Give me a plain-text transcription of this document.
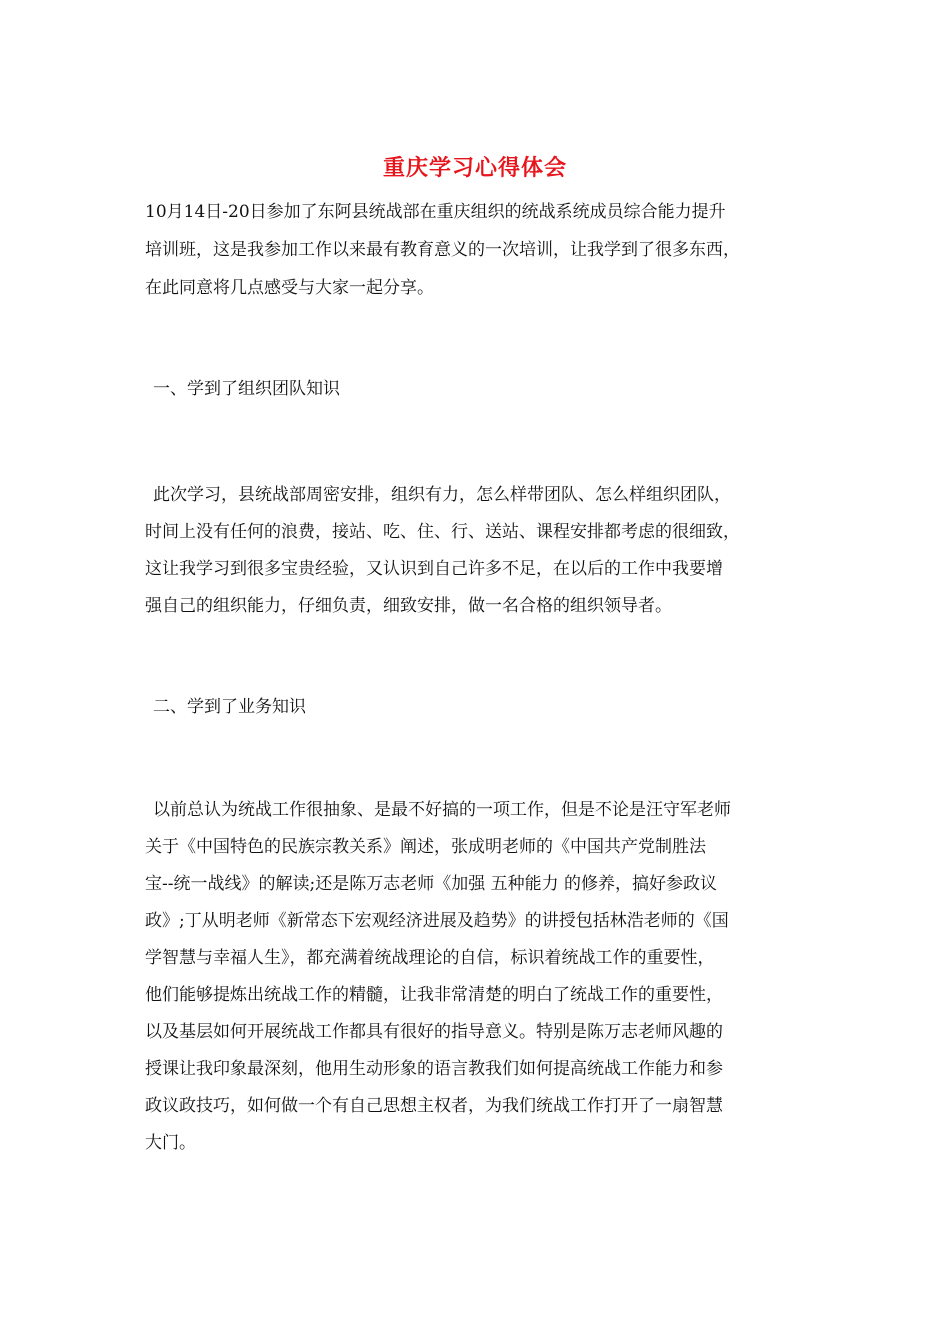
重庆学习心得体会
10月14日-20日参加了东阿县统战部在重庆组织的统战系统成员综合能力提升
培训班，这是我参加工作以来最有教育意义的一次培训，让我学到了很多东西，
在此同意将几点感受与大家一起分享。
一、学到了组织团队知识
此次学习，县统战部周密安排，组织有力，怎么样带团队、怎么样组织团队，
时间上没有任何的浪费，接站、吃、住、行、送站、课程安排都考虑的很细致，
这让我学习到很多宝贵经验，又认识到自己许多不足，在以后的工作中我要增
强自己的组织能力，仔细负责，细致安排，做一名合格的组织领导者。
二、学到了业务知识
以前总认为统战工作很抽象、是最不好搞的一项工作，但是不论是汪守军老师
关于《中国特色的民族宗教关系》阐述，张成明老师的《中国共产党制胜法
宝--统一战线》的解读;还是陈万志老师《加强 五种能力 的修养，搞好参政议
政》;丁从明老师《新常态下宏观经济进展及趋势》的讲授包括林浩老师的《国
学智慧与幸福人生》，都充满着统战理论的自信，标识着统战工作的重要性，
他们能够提炼出统战工作的精髓，让我非常清楚的明白了统战工作的重要性，
以及基层如何开展统战工作都具有很好的指导意义。特别是陈万志老师风趣的
授课让我印象最深刻，他用生动形象的语言教我们如何提高统战工作能力和参
政议政技巧，如何做一个有自己思想主权者，为我们统战工作打开了一扇智慧
大门。
